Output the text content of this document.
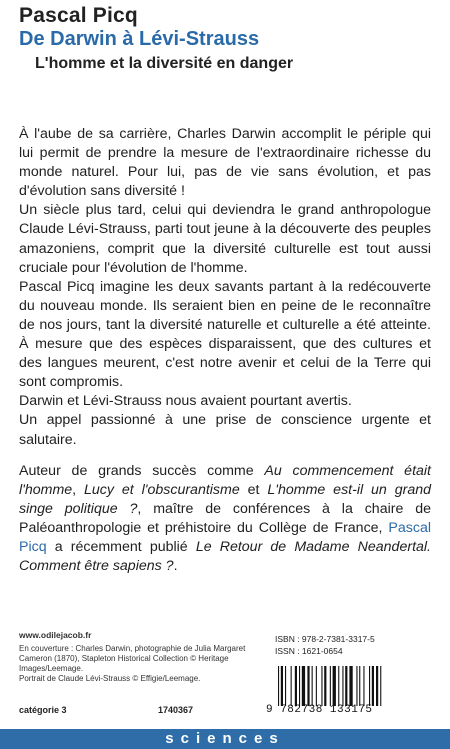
Pascal Picq
De Darwin à Lévi-Strauss
L'homme et la diversité en danger

À l'aube de sa carrière, Charles Darwin accomplit le périple qui lui permit de prendre la mesure de l'extraordinaire richesse du monde naturel. Pour lui, pas de vie sans évolution, et pas d'évolution sans diversité !

Un siècle plus tard, celui qui deviendra le grand anthropologue Claude Lévi-Strauss, parti tout jeune à la découverte des peuples amazoniens, comprit que la diversité culturelle est tout aussi cruciale pour l'évolution de l'homme.

Pascal Picq imagine les deux savants partant à la redécouverte du nouveau monde. Ils seraient bien en peine de le reconnaître de nos jours, tant la diversité naturelle et culturelle a été atteinte. À mesure que des espèces disparaissent, que des cultures et des langues meurent, c'est notre avenir et celui de la Terre qui sont compromis.

Darwin et Lévi-Strauss nous avaient pourtant avertis.

Un appel passionné à une prise de conscience urgente et salutaire.

Auteur de grands succès comme Au commencement était l'homme, Lucy et l'obscurantisme et L'homme est-il un grand singe politique ?, maître de conférences à la chaire de Paléoanthropologie et préhistoire du Collège de France, Pascal Picq a récemment publié Le Retour de Madame Neandertal. Comment être sapiens ?.

www.odilejacob.fr
En couverture : Charles Darwin, photographie de Julia Margaret Cameron (1870), Stapleton Historical Collection © Heritage Images/Leemage.
Portrait de Claude Lévi-Strauss © Effigie/Leemage.
catégorie 3	1740367
ISBN : 978-2-7381-3317-5
ISSN : 1621-0654
9 782738 133175
sciences
